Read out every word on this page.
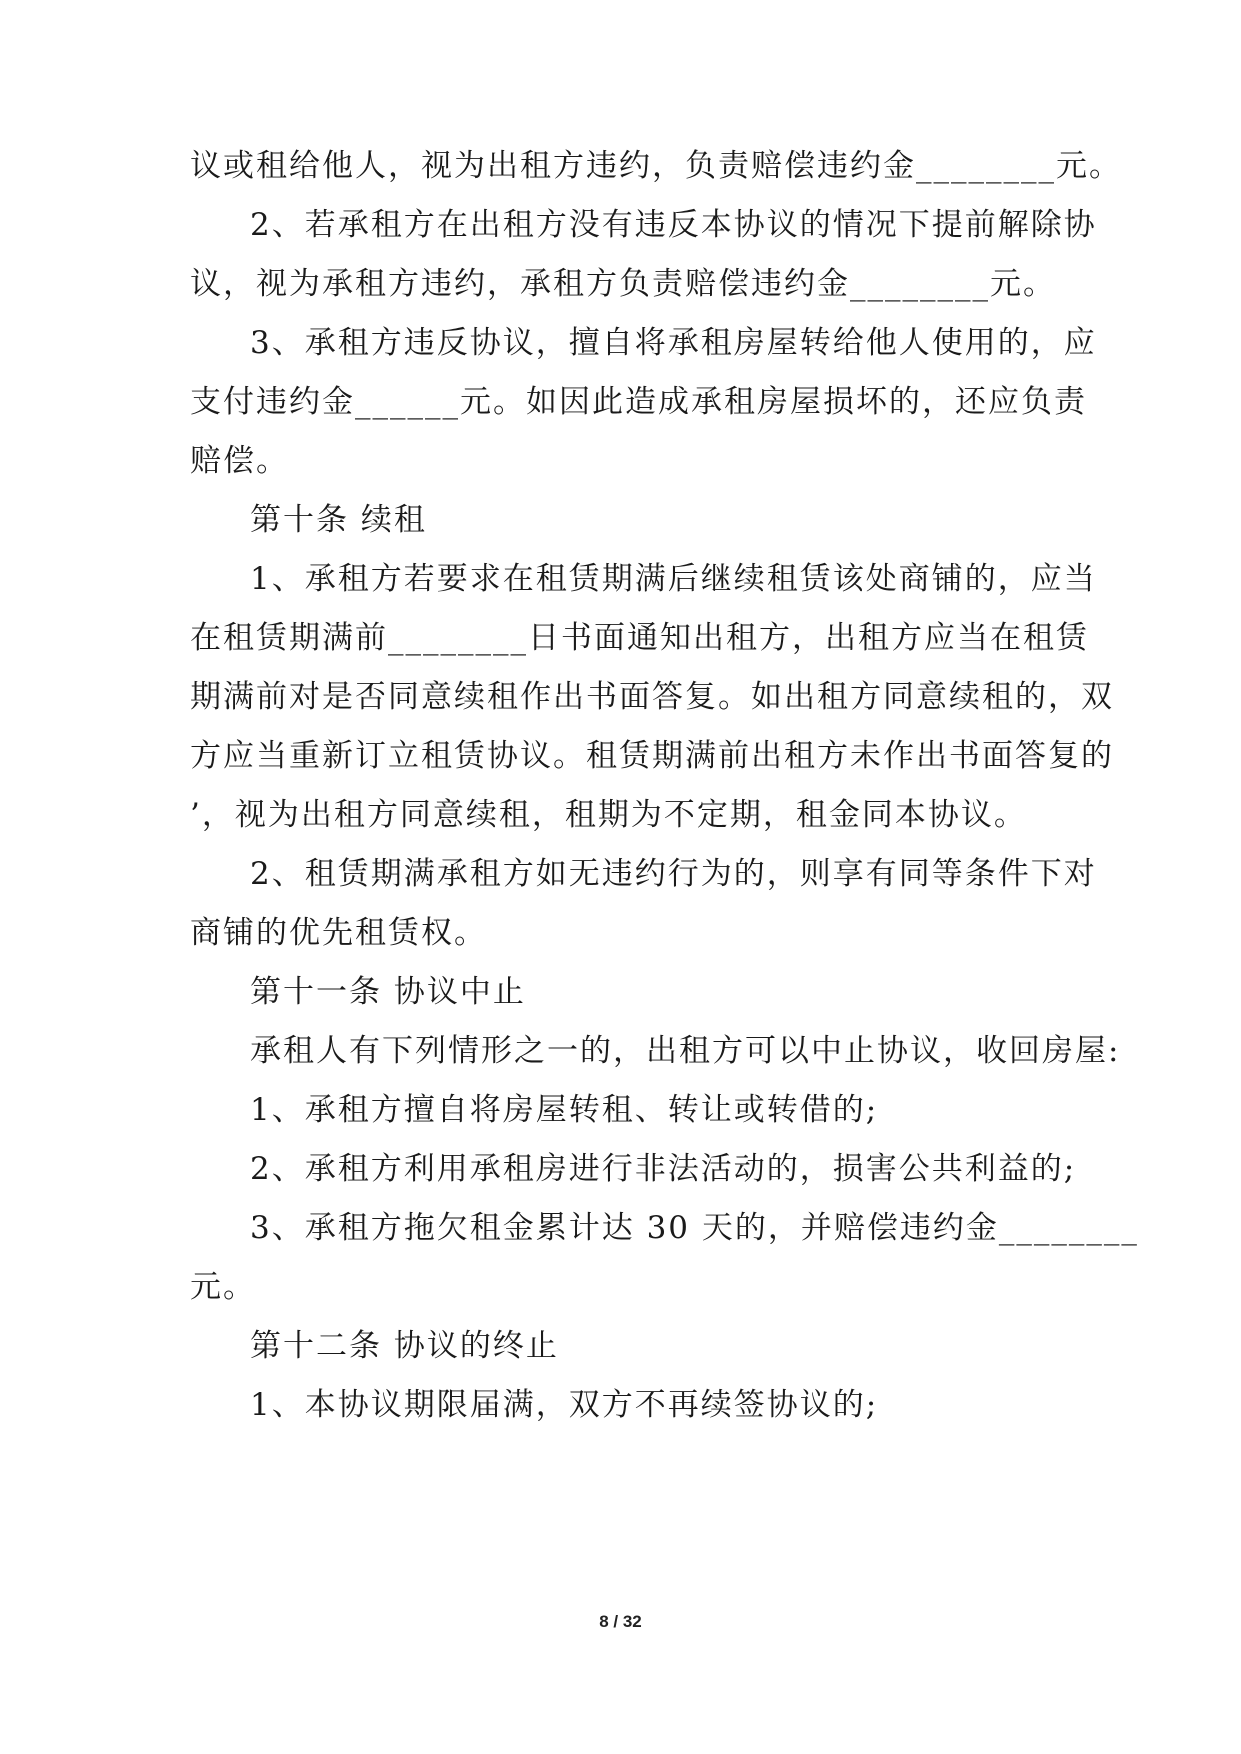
议或租给他人，视为出租方违约，负责赔偿违约金________元。
2、若承租方在出租方没有违反本协议的情况下提前解除协
议，视为承租方违约，承租方负责赔偿违约金________元。
3、承租方违反协议，擅自将承租房屋转给他人使用的，应
支付违约金______元。如因此造成承租房屋损坏的，还应负责
赔偿。
第十条 续租
1、承租方若要求在租赁期满后继续租赁该处商铺的，应当
在租赁期满前________日书面通知出租方，出租方应当在租赁
期满前对是否同意续租作出书面答复。如出租方同意续租的，双
方应当重新订立租赁协议。租赁期满前出租方未作出书面答复的
’，视为出租方同意续租，租期为不定期，租金同本协议。
2、租赁期满承租方如无违约行为的，则享有同等条件下对
商铺的优先租赁权。
第十一条 协议中止
承租人有下列情形之一的，出租方可以中止协议，收回房屋:
1、承租方擅自将房屋转租、转让或转借的;
2、承租方利用承租房进行非法活动的，损害公共利益的;
3、承租方拖欠租金累计达 30 天的，并赔偿违约金________
元。
第十二条 协议的终止
1、本协议期限届满，双方不再续签协议的;
8 / 32
